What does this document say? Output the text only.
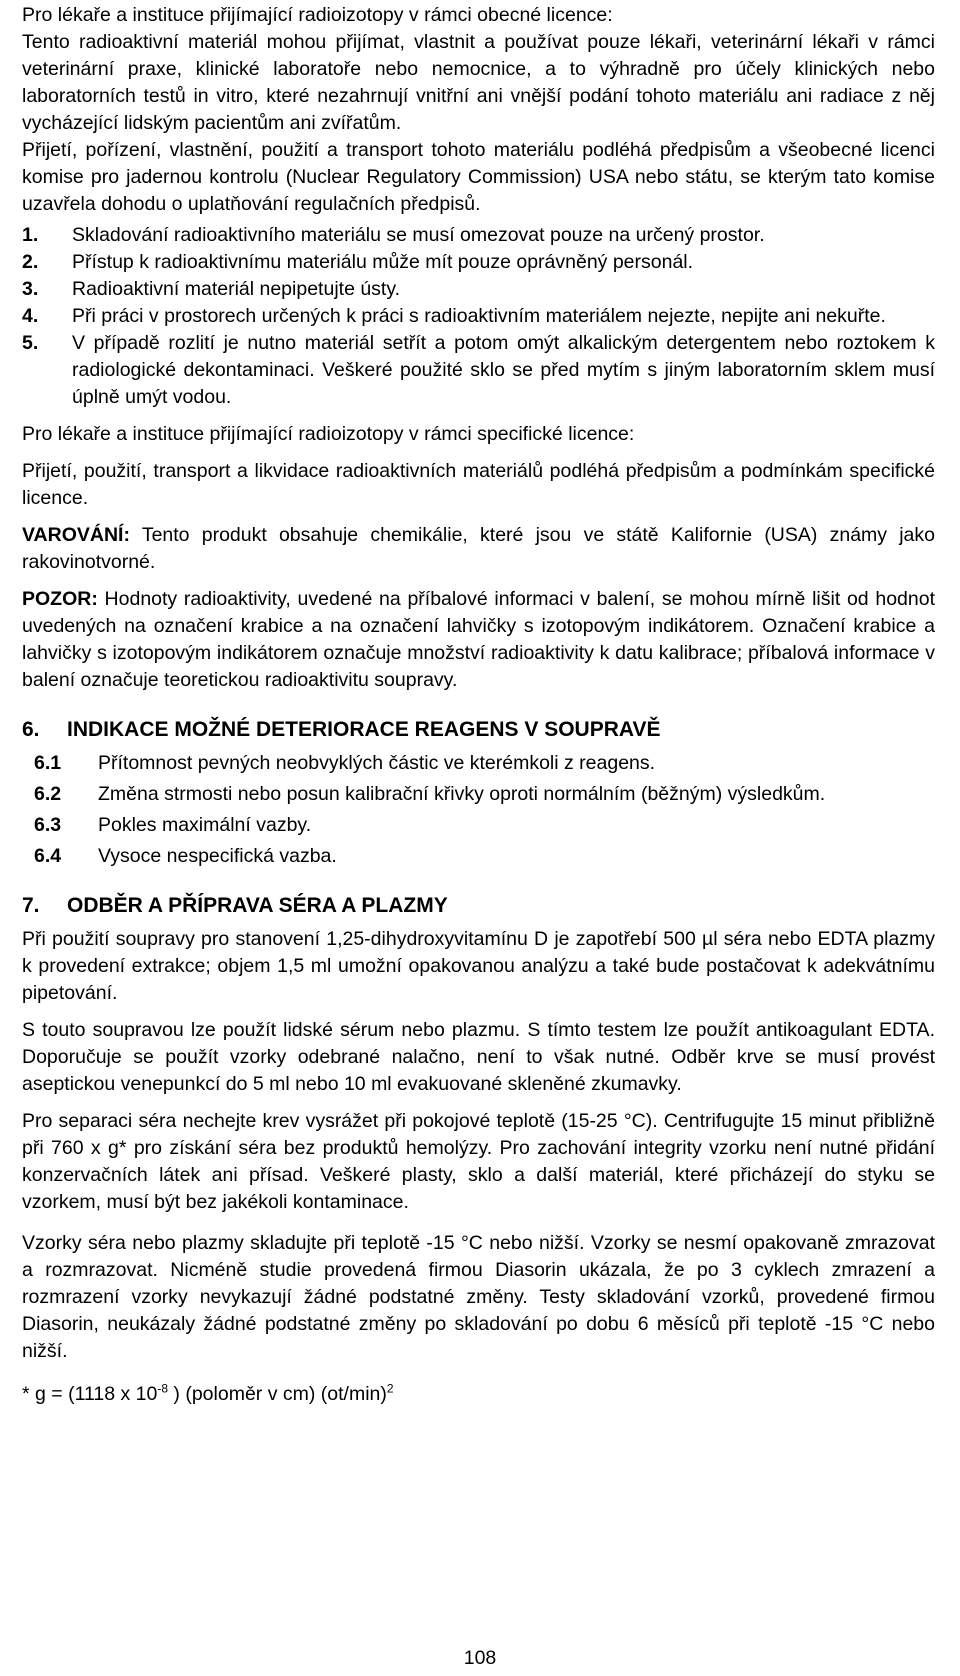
Pro lékaře a instituce přijímající radioizotopy v rámci obecné licence:

Tento radioaktivní materiál mohou přijímat, vlastnit a používat pouze lékaři, veterinární lékaři v rámci veterinární praxe, klinické laboratoře nebo nemocnice, a to výhradně pro účely klinických nebo laboratorních testů in vitro, které nezahrnují vnitřní ani vnější podání tohoto materiálu ani radiace z něj vycházející lidským pacientům ani zvířatům.

Přijetí, pořízení, vlastnění, použití a transport tohoto materiálu podléhá předpisům a všeobecné licenci komise pro jadernou kontrolu (Nuclear Regulatory Commission) USA nebo státu, se kterým tato komise uzavřela dohodu o uplatňování regulačních předpisů.

1.	Skladování radioaktivního materiálu se musí omezovat pouze na určený prostor.
2.	Přístup k radioaktivnímu materiálu může mít pouze oprávněný personál.
3.	Radioaktivní materiál nepipetujte ústy.
4.	Při práci v prostorech určených k práci s radioaktivním materiálem nejezte, nepijte ani nekuřte.
5.	V případě rozlití je nutno materiál setřít a potom omýt alkalickým detergentem nebo roztokem k radiologické dekontaminaci. Veškeré použité sklo se před mytím s jiným laboratorním sklem musí úplně umýt vodou.

Pro lékaře a instituce přijímající radioizotopy v rámci specifické licence:

Přijetí, použití, transport a likvidace radioaktivních materiálů podléhá předpisům a podmínkám specifické licence.

VAROVÁNÍ: Tento produkt obsahuje chemikálie, které jsou ve státě Kalifornie (USA) známy jako rakovinotvorné.

POZOR: Hodnoty radioaktivity, uvedené na příbalové informaci v balení, se mohou mírně lišit od hodnot uvedených na označení krabice a na označení lahvičky s izotopovým indikátorem. Označení krabice a lahvičky s izotopovým indikátorem označuje množství radioaktivity k datu kalibrace; příbalová informace v balení označuje teoretickou radioaktivitu soupravy.

6.	INDIKACE MOŽNÉ DETERIORACE REAGENS V SOUPRAVĚ
6.1	Přítomnost pevných neobvyklých částic ve kterémkoli z reagens.
6.2	Změna strmosti nebo posun kalibrační křivky oproti normálním (běžným) výsledkům.
6.3	Pokles maximální vazby.
6.4	Vysoce nespecifická vazba.
7.	ODBĚR A PŘÍPRAVA SÉRA A PLAZMY

Při použití soupravy pro stanovení 1,25-dihydroxyvitamínu D je zapotřebí 500 µl séra nebo EDTA plazmy k provedení extrakce; objem 1,5 ml umožní opakovanou analýzu a také bude postačovat k adekvátnímu pipetování.

S touto soupravou lze použít lidské sérum nebo plazmu. S tímto testem lze použít antikoagulant EDTA. Doporučuje se použít vzorky odebrané nalačno, není to však nutné. Odběr krve se musí provést aseptickou venepunkcí do 5 ml nebo 10 ml evakuované skleněné zkumavky.

Pro separaci séra nechejte krev vysrážet při pokojové teplotě (15-25 °C). Centrifugujte 15 minut přibližně při 760 x g* pro získání séra bez produktů hemolýzy. Pro zachování integrity vzorku není nutné přidání konzervačních látek ani přísad. Veškeré plasty, sklo a další materiál, které přicházejí do styku se vzorkem, musí být bez jakékoli kontaminace.

Vzorky séra nebo plazmy skladujte při teplotě -15 °C nebo nižší. Vzorky se nesmí opakovaně zmrazovat a rozmrazovat. Nicméně studie provedená firmou Diasorin ukázala, že po 3 cyklech zmrazení a rozmrazení vzorky nevykazují žádné podstatné změny. Testy skladování vzorků, provedené firmou Diasorin, neukázaly žádné podstatné změny po skladování po dobu 6 měsíců při teplotě -15 °C nebo nižší.

* g = (1118 x $10^{-8}$ ) (poloměr v cm) $(ot/\min)^2$

108
